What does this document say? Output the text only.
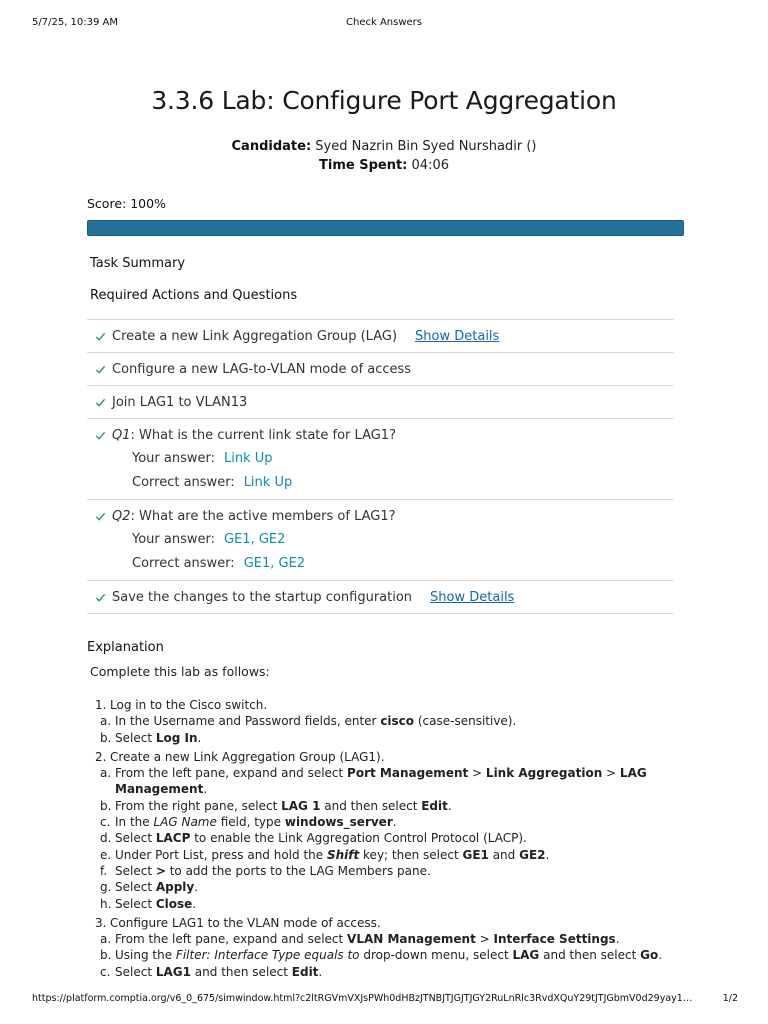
5/7/25, 10:39 AM	Check Answers
3.3.6 Lab: Configure Port Aggregation
Candidate: Syed Nazrin Bin Syed Nurshadir ()
Time Spent: 04:06
Score: 100%
Task Summary
Required Actions and Questions
Create a new Link Aggregation Group (LAG) Show Details
Configure a new LAG-to-VLAN mode of access
Join LAG1 to VLAN13
Q1: What is the current link state for LAG1?
Your answer: Link Up
Correct answer: Link Up
Q2: What are the active members of LAG1?
Your answer: GE1, GE2
Correct answer: GE1, GE2
Save the changes to the startup configuration Show Details
Explanation
Complete this lab as follows:
1. Log in to the Cisco switch.
a. In the Username and Password fields, enter cisco (case-sensitive).
b. Select Log In.
2. Create a new Link Aggregation Group (LAG1).
a. From the left pane, expand and select Port Management > Link Aggregation > LAG Management.
b. From the right pane, select LAG 1 and then select Edit.
c. In the LAG Name field, type windows_server.
d. Select LACP to enable the Link Aggregation Control Protocol (LACP).
e. Under Port List, press and hold the Shift key; then select GE1 and GE2.
f. Select > to add the ports to the LAG Members pane.
g. Select Apply.
h. Select Close.
3. Configure LAG1 to the VLAN mode of access.
a. From the left pane, expand and select VLAN Management > Interface Settings.
b. Using the Filter: Interface Type equals to drop-down menu, select LAG and then select Go.
c. Select LAG1 and then select Edit.
https://platform.comptia.org/v6_0_675/simwindow.html?c2ltRGVmVXJsPWh0dHBzJTNBJTJGJTJGY2RuLnRlc3RvdXQuY29tJTJGbmV0d29yay1…	1/2
